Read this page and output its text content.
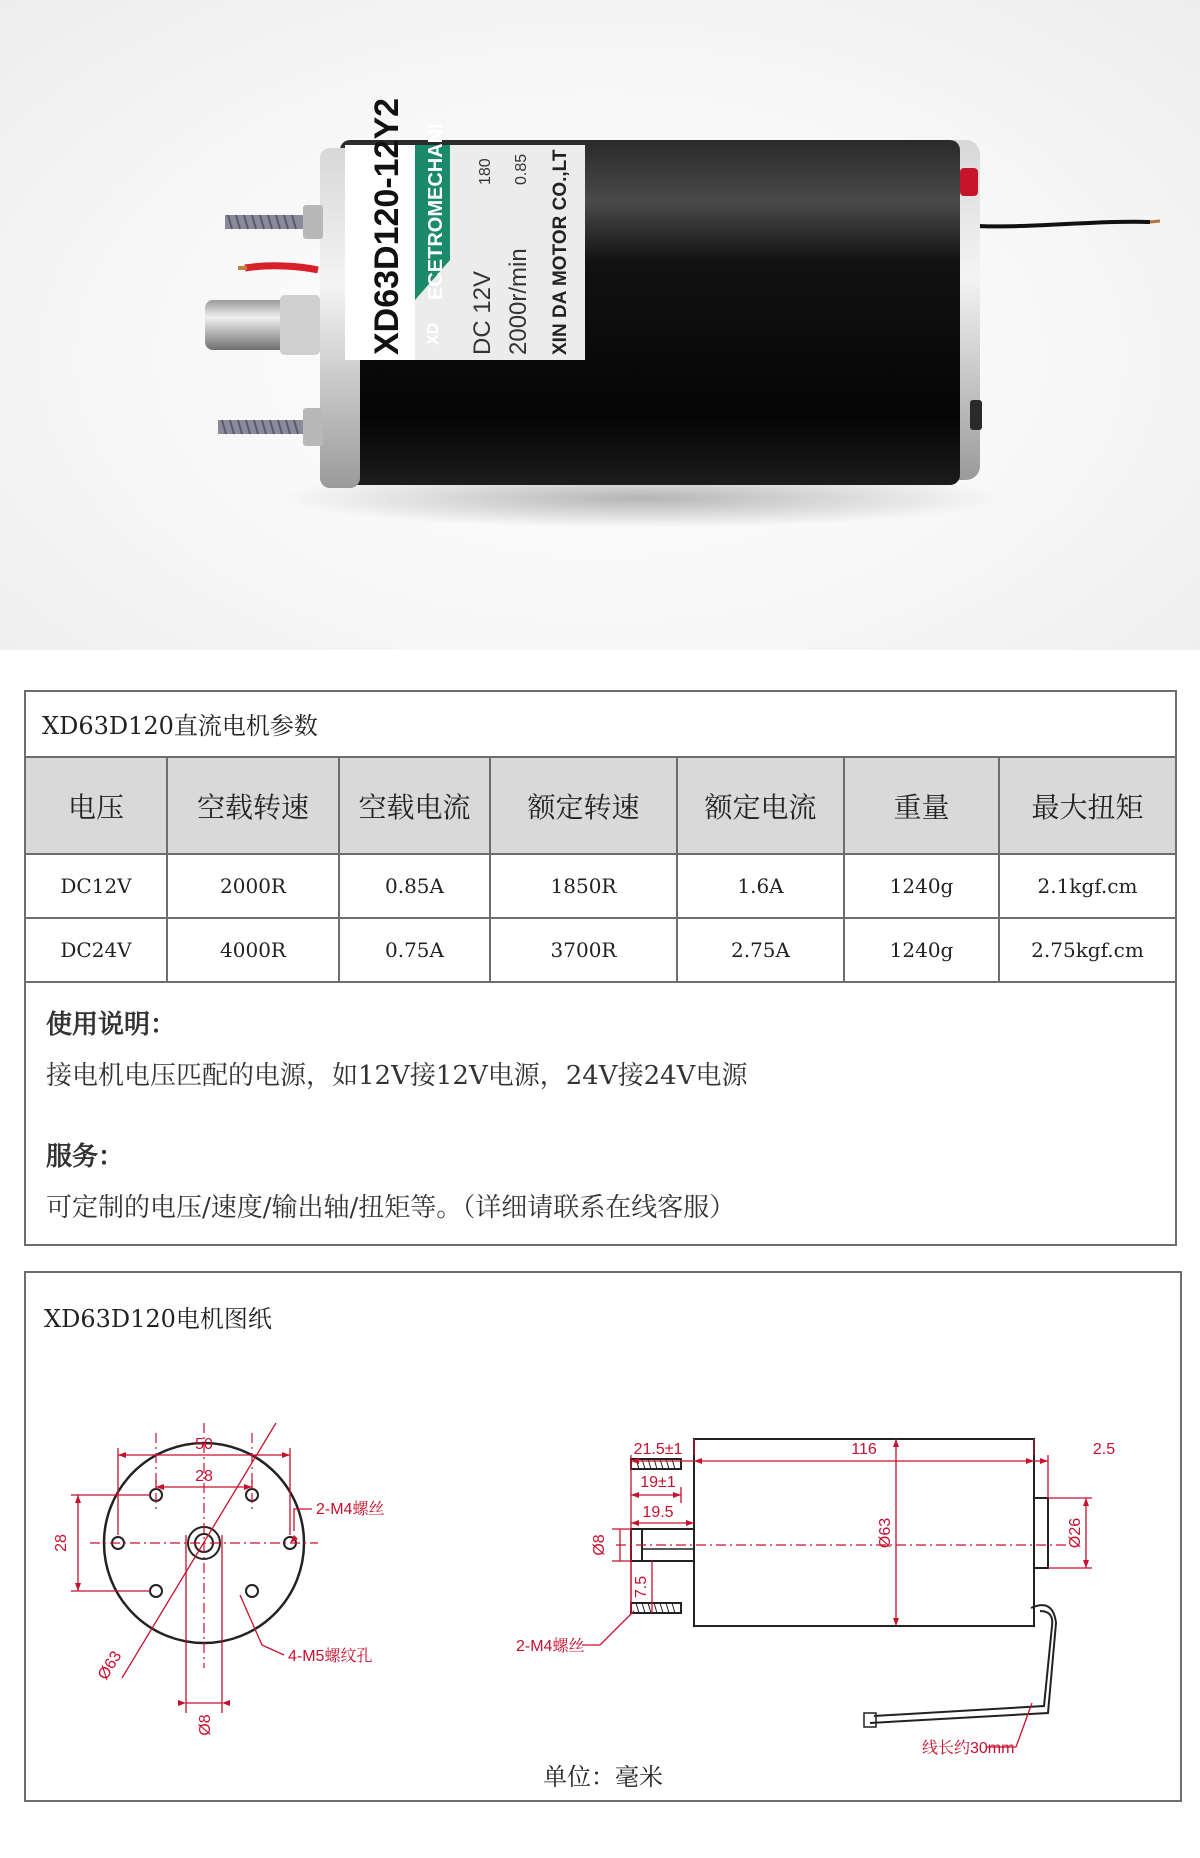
XD63D120-12Y2 ECETROMECHANI
DC 12V 2000r/min
180 0.85 XIN DA MOTOR CO.,LT
XD
XD63D120直流电机参数
电压	空载转速	空载电流	额定转速	额定电流	重量	最大扭矩
DC12V	2000R	0.85A	1850R	1.6A	1240g	2.1kgf.cm
DC24V	4000R	0.75A	3700R	2.75A	1240g	2.75kgf.cm
使用说明：
接电机电压匹配的电源，如12V接12V电源，24V接24V电源
服务：
可定制的电压/速度/输出轴/扭矩等。（详细请联系在线客服）
XD63D120电机图纸
50
28
28
Ø63
Ø8
2-M4螺丝
4-M5螺纹孔
21.5±1	116	2.5
19±1
19.5
Ø8
7.5
Ø63	Ø26
2-M4螺丝
线长约30mm
单位：毫米
